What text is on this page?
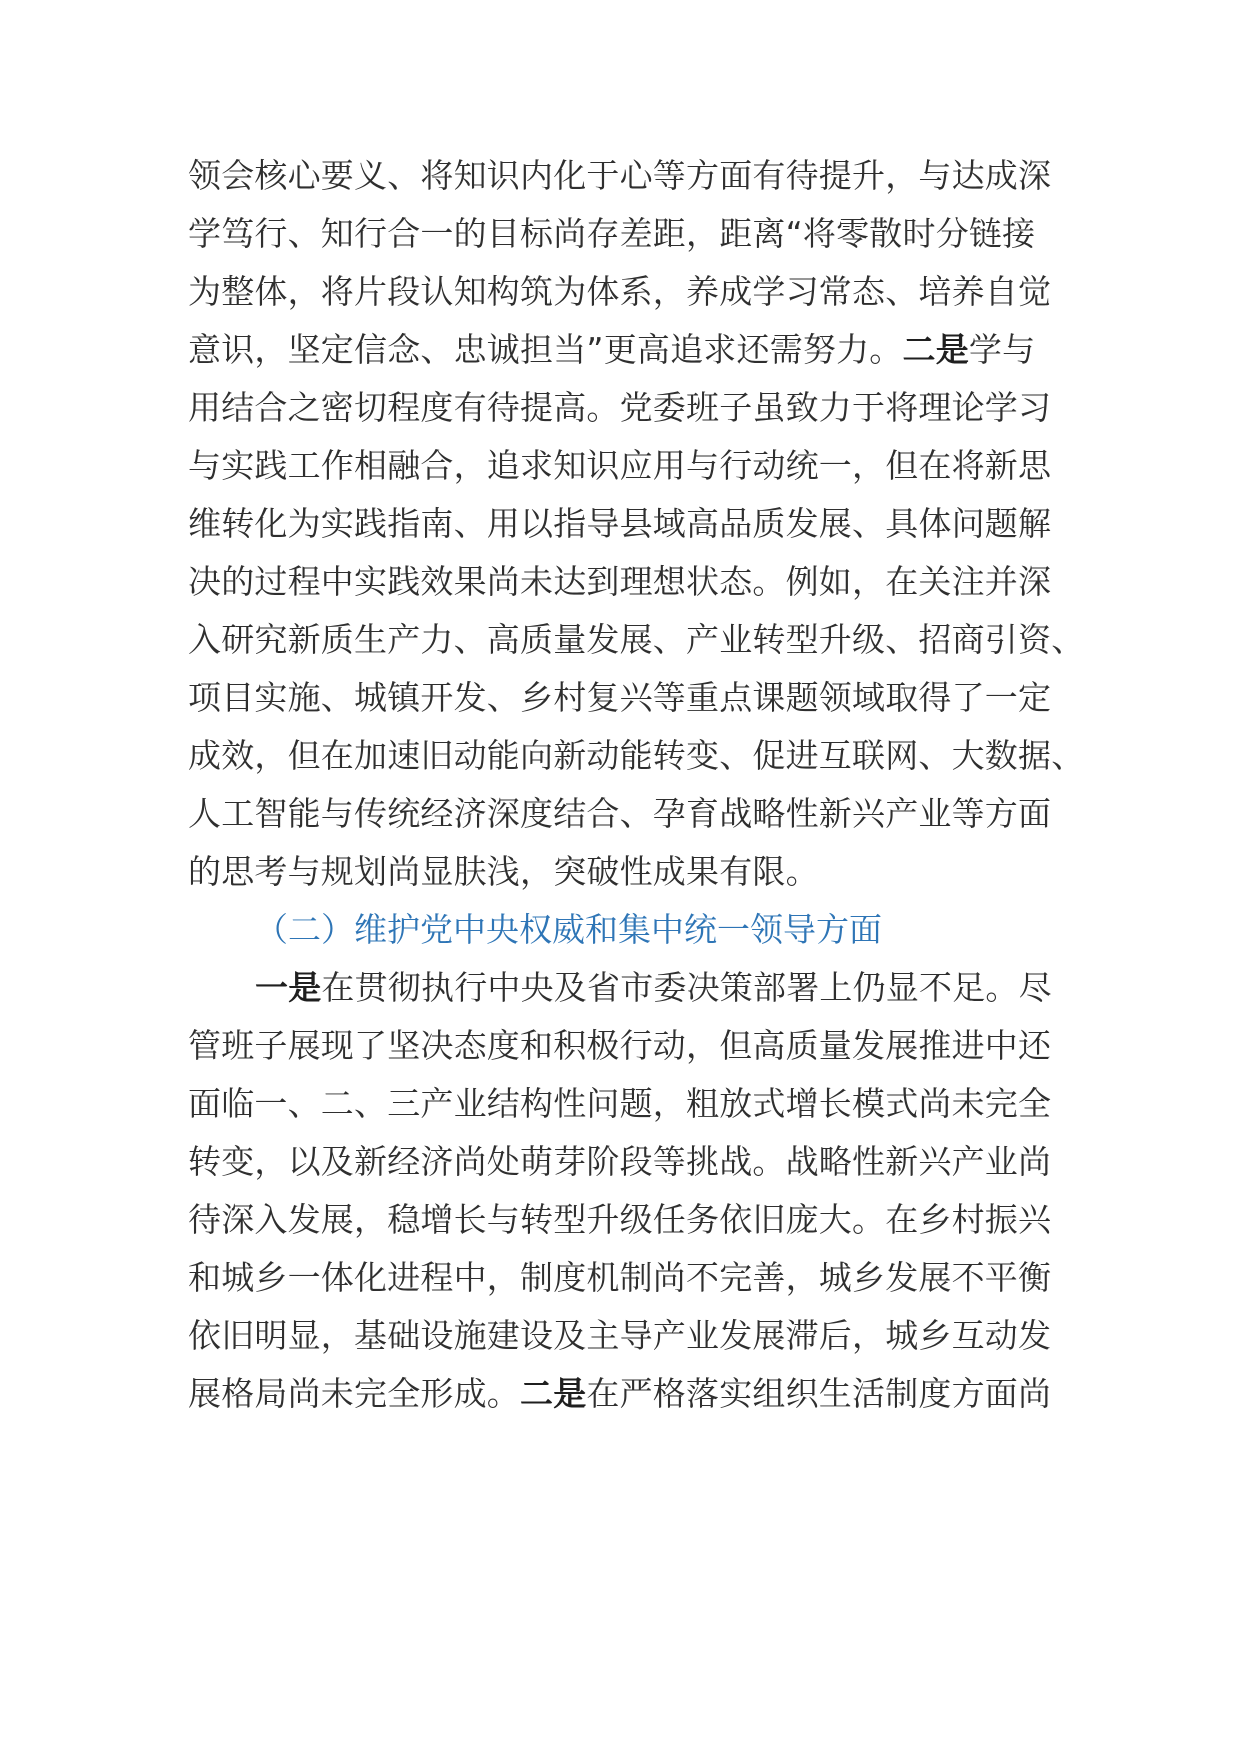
领会核心要义、将知识内化于心等方面有待提升，与达成深
学笃行、知行合一的目标尚存差距，距离“将零散时分链接
为整体，将片段认知构筑为体系，养成学习常态、培养自觉
意识，坚定信念、忠诚担当”更高追求还需努力。二是学与
用结合之密切程度有待提高。党委班子虽致力于将理论学习
与实践工作相融合，追求知识应用与行动统一，但在将新思
维转化为实践指南、用以指导县域高品质发展、具体问题解
决的过程中实践效果尚未达到理想状态。例如，在关注并深
入研究新质生产力、高质量发展、产业转型升级、招商引资、
项目实施、城镇开发、乡村复兴等重点课题领域取得了一定
成效，但在加速旧动能向新动能转变、促进互联网、大数据、
人工智能与传统经济深度结合、孕育战略性新兴产业等方面
的思考与规划尚显肤浅，突破性成果有限。
（二）维护党中央权威和集中统一领导方面
一是在贯彻执行中央及省市委决策部署上仍显不足。尽
管班子展现了坚决态度和积极行动，但高质量发展推进中还
面临一、二、三产业结构性问题，粗放式增长模式尚未完全
转变，以及新经济尚处萌芽阶段等挑战。战略性新兴产业尚
待深入发展，稳增长与转型升级任务依旧庞大。在乡村振兴
和城乡一体化进程中，制度机制尚不完善，城乡发展不平衡
依旧明显，基础设施建设及主导产业发展滞后，城乡互动发
展格局尚未完全形成。二是在严格落实组织生活制度方面尚
